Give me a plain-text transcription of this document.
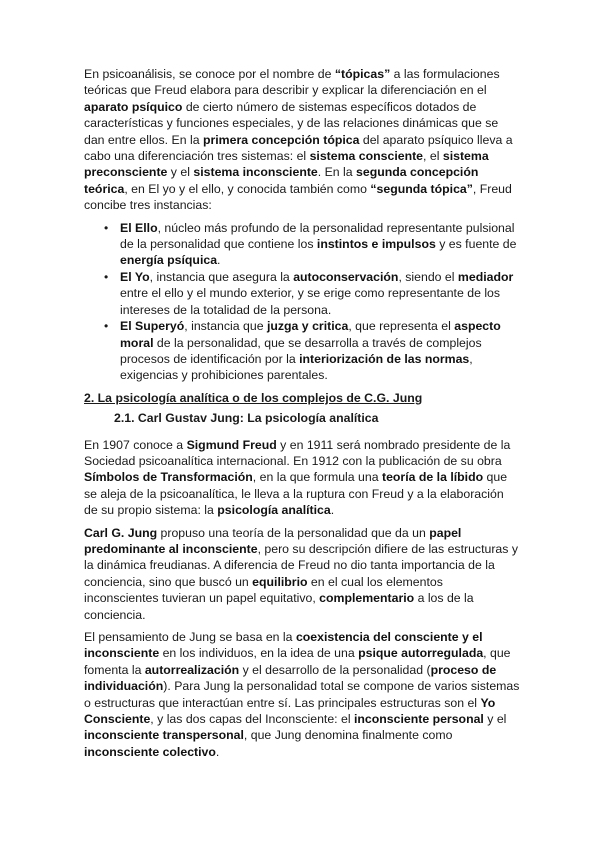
En psicoanálisis, se conoce por el nombre de “tópicas” a las formulaciones teóricas que Freud elabora para describir y explicar la diferenciación en el aparato psíquico de cierto número de sistemas específicos dotados de características y funciones especiales, y de las relaciones dinámicas que se dan entre ellos. En la primera concepción tópica del aparato psíquico lleva a cabo una diferenciación tres sistemas: el sistema consciente, el sistema preconsciente y el sistema inconsciente. En la segunda concepción teórica, en El yo y el ello, y conocida también como “segunda tópica”, Freud concibe tres instancias:

• El Ello, núcleo más profundo de la personalidad representante pulsional de la personalidad que contiene los instintos e impulsos y es fuente de energía psíquica.
• El Yo, instancia que asegura la autoconservación, siendo el mediador entre el ello y el mundo exterior, y se erige como representante de los intereses de la totalidad de la persona.
• El Superyó, instancia que juzga y critica, que representa el aspecto moral de la personalidad, que se desarrolla a través de complejos procesos de identificación por la interiorización de las normas, exigencias y prohibiciones parentales.
2. La psicología analítica o de los complejos de C.G. Jung
2.1. Carl Gustav Jung: La psicología analítica

En 1907 conoce a Sigmund Freud y en 1911 será nombrado presidente de la Sociedad psicoanalítica internacional. En 1912 con la publicación de su obra Símbolos de Transformación, en la que formula una teoría de la líbido que se aleja de la psicoanalítica, le lleva a la ruptura con Freud y a la elaboración de su propio sistema: la psicología analítica.

Carl G. Jung propuso una teoría de la personalidad que da un papel predominante al inconsciente, pero su descripción difiere de las estructuras y la dinámica freudianas. A diferencia de Freud no dio tanta importancia de la conciencia, sino que buscó un equilibrio en el cual los elementos inconscientes tuvieran un papel equitativo, complementario a los de la conciencia.

El pensamiento de Jung se basa en la coexistencia del consciente y el inconsciente en los individuos, en la idea de una psique autorregulada, que fomenta la autorrealización y el desarrollo de la personalidad (proceso de individuación). Para Jung la personalidad total se compone de varios sistemas o estructuras que interactúan entre sí. Las principales estructuras son el Yo Consciente, y las dos capas del Inconsciente: el inconsciente personal y el inconsciente transpersonal, que Jung denomina finalmente como inconsciente colectivo.
